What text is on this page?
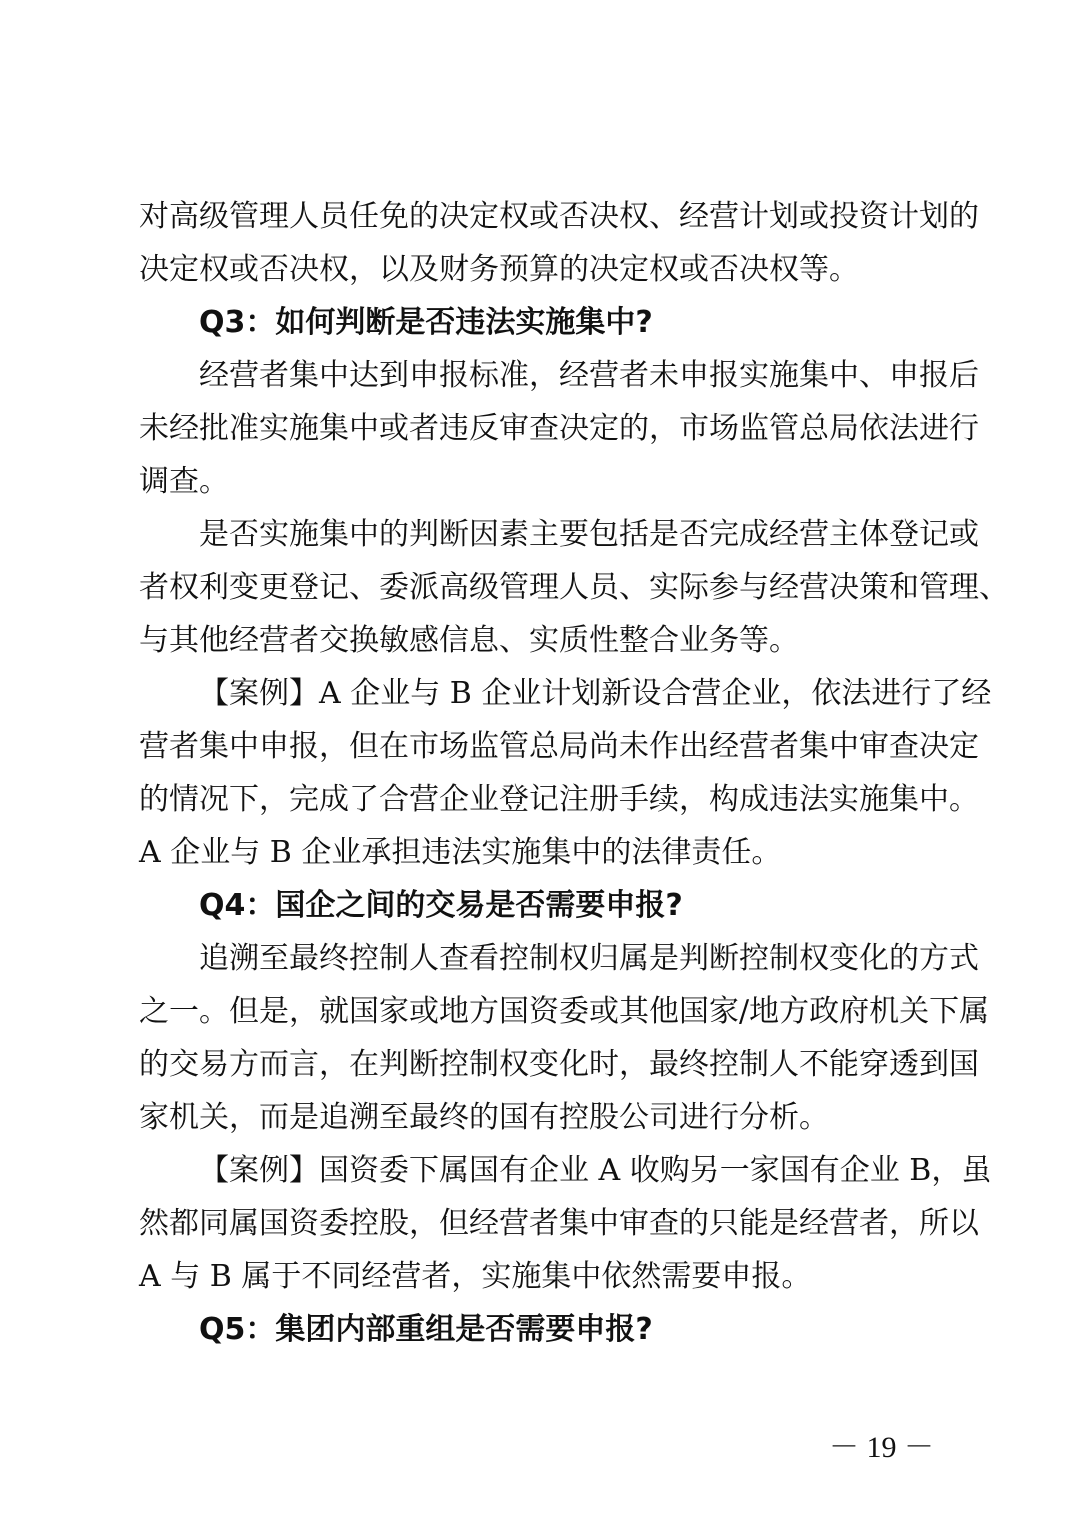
对高级管理人员任免的决定权或否决权、经营计划或投资计划的
决定权或否决权，以及财务预算的决定权或否决权等。
Q3：如何判断是否违法实施集中?
经营者集中达到申报标准，经营者未申报实施集中、申报后
未经批准实施集中或者违反审查决定的，市场监管总局依法进行
调查。
是否实施集中的判断因素主要包括是否完成经营主体登记或
者权利变更登记、委派高级管理人员、实际参与经营决策和管理、
与其他经营者交换敏感信息、实质性整合业务等。
【案例】A 企业与 B 企业计划新设合营企业，依法进行了经
营者集中申报，但在市场监管总局尚未作出经营者集中审查决定
的情况下，完成了合营企业登记注册手续，构成违法实施集中。
A 企业与 B 企业承担违法实施集中的法律责任。
Q4：国企之间的交易是否需要申报?
追溯至最终控制人查看控制权归属是判断控制权变化的方式
之一。但是，就国家或地方国资委或其他国家/地方政府机关下属
的交易方而言，在判断控制权变化时，最终控制人不能穿透到国
家机关，而是追溯至最终的国有控股公司进行分析。
【案例】国资委下属国有企业 A 收购另一家国有企业 B，虽
然都同属国资委控股，但经营者集中审查的只能是经营者，所以
A 与 B 属于不同经营者，实施集中依然需要申报。
Q5：集团内部重组是否需要申报?
－ 19 －
